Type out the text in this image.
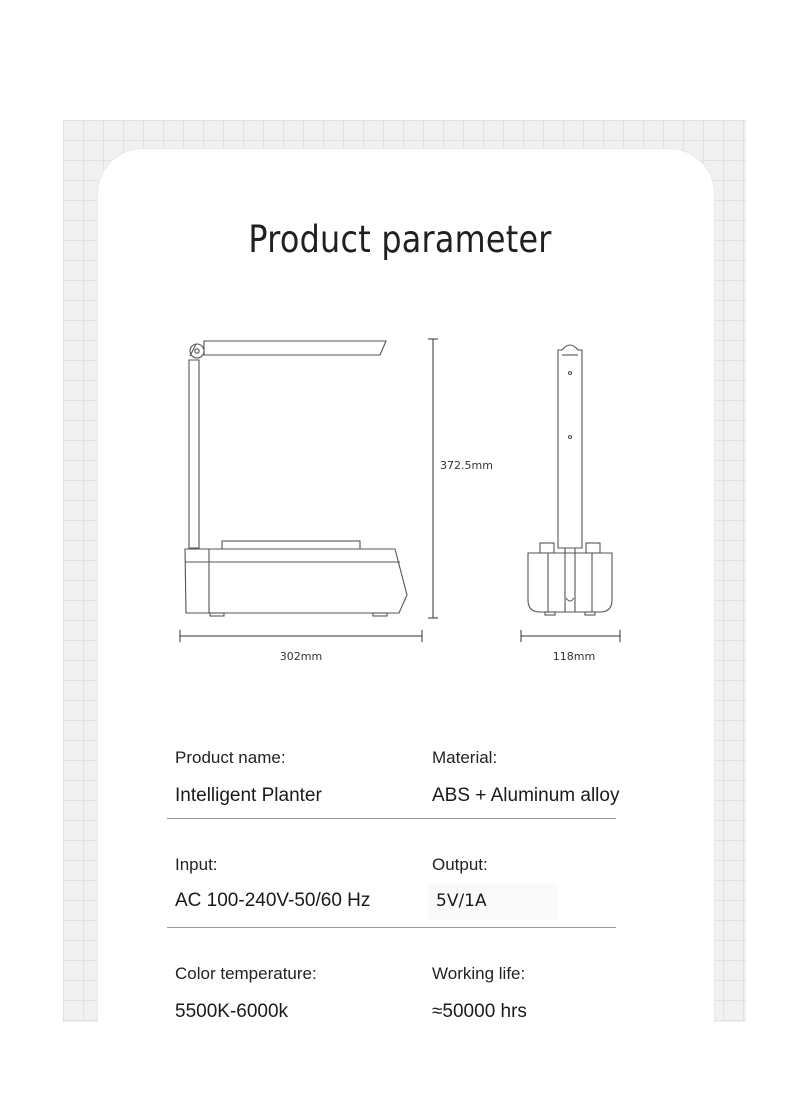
Product parameter
372.5mm
302mm	118mm
Product name:	Material:
Intelligent Planter	ABS + Aluminum alloy
Input:	Output:
AC 100-240V-50/60 Hz	5V/1A
Color temperature:	Working life:
5500K-6000k	≈50000 hrs
